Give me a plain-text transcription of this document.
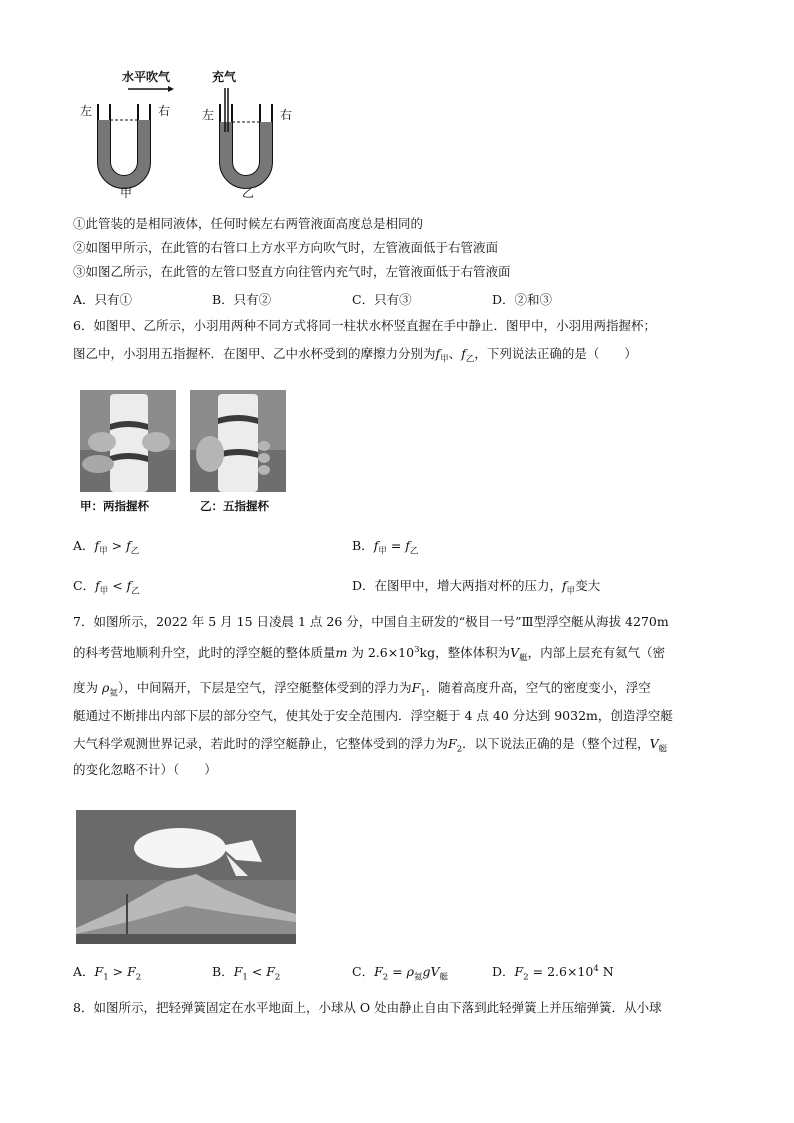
水平吹气	充气
左	右	左	右
甲	乙
①此管装的是相同液体，任何时候左右两管液面高度总是相同的
②如图甲所示，在此管的右管口上方水平方向吹气时，左管液面低于右管液面
③如图乙所示，在此管的左管口竖直方向往管内充气时，左管液面低于右管液面
A．只有①	B．只有②	C．只有③	D．②和③
6．如图甲、乙所示，小羽用两种不同方式将同一柱状水杯竖直握在手中静止．图甲中，小羽用两指握杯；
图乙中，小羽用五指握杯．在图甲、乙中水杯受到的摩擦力分别为$f_甲$、$f_乙$，下列说法正确的是（　　）
甲：两指握杯	乙：五指握杯
A．$f_甲 > f_乙$	B．$f_甲 = f_乙$
C．$f_甲 < f_乙$	D．在图甲中，增大两指对杯的压力，$f_甲$变大
7．如图所示，2022 年 5 月 15 日凌晨 1 点 26 分，中国自主研发的“极目一号”Ⅲ型浮空艇从海拔 4270m
的科考营地顺利升空，此时的浮空艇的整体质量m 为 $2.6\times 10^3kg$，整体体积为$V_艇$，内部上层充有氦气（密
度为 $\rho_氦$），中间隔开，下层是空气，浮空艇整体受到的浮力为$F_1$．随着高度升高，空气的密度变小，浮空
艇通过不断排出内部下层的部分空气，使其处于安全范围内．浮空艇于 4 点 40 分达到 9032m，创造浮空艇
大气科学观测世界记录，若此时的浮空艇静止，它整体受到的浮力为$F_2$．以下说法正确的是（整个过程，$V_艇$
的变化忽略不计）（　　）
A．$F_1 > F_2$	B．$F_1 < F_2$	C．$F_2 = \rho_氦gV_艇$	D．$F_2 = 2.6\times 10^4$ N
8．如图所示，把轻弹簧固定在水平地面上，小球从 O 处由静止自由下落到此轻弹簧上并压缩弹簧．从小球
